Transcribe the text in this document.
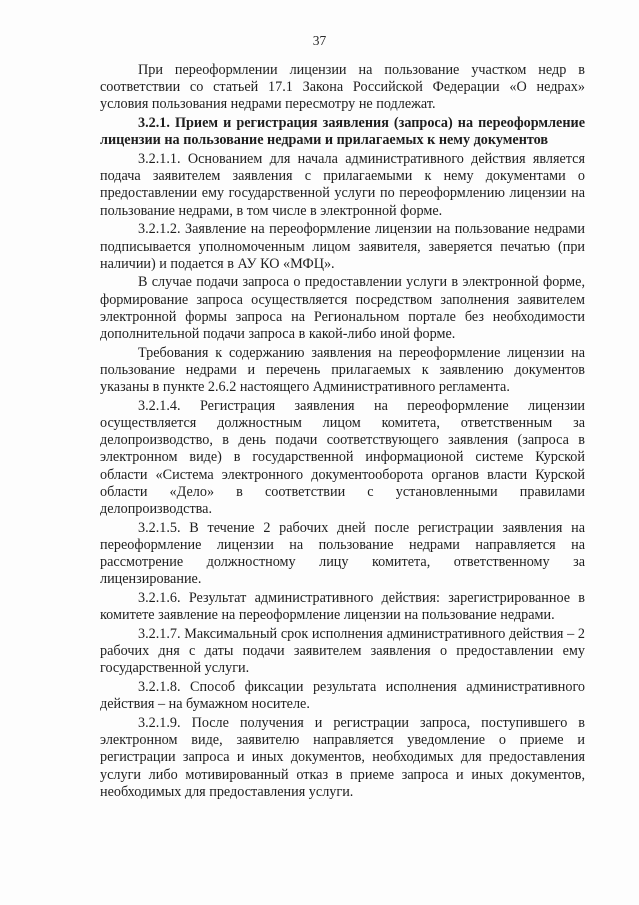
37

При переоформлении лицензии на пользование участком недр в соответствии со статьей 17.1 Закона Российской Федерации «О недрах» условия пользования недрами пересмотру не подлежат.

3.2.1. Прием и регистрация заявления (запроса) на переоформление лицензии на пользование недрами и прилагаемых к нему документов

3.2.1.1. Основанием для начала административного действия является подача заявителем заявления с прилагаемыми к нему документами о предоставлении ему государственной услуги по переоформлению лицензии на пользование недрами, в том числе в электронной форме.

3.2.1.2. Заявление на переоформление лицензии на пользование недрами подписывается уполномоченным лицом заявителя, заверяется печатью (при наличии) и подается в АУ КО «МФЦ».

В случае подачи запроса о предоставлении услуги в электронной форме, формирование запроса осуществляется посредством заполнения заявителем электронной формы запроса на Региональном портале без необходимости дополнительной подачи запроса в какой-либо иной форме.

Требования к содержанию заявления на переоформление лицензии на пользование недрами и перечень прилагаемых к заявлению документов указаны в пункте 2.6.2 настоящего Административного регламента.

3.2.1.4. Регистрация заявления на переоформление лицензии осуществляется должностным лицом комитета, ответственным за делопроизводство, в день подачи соответствующего заявления (запроса в электронном виде) в государственной информационой системе Курской области «Система электронного документооборота органов власти Курской области «Дело» в соответствии с установленными правилами делопроизводства.

3.2.1.5. В течение 2 рабочих дней после регистрации заявления на переоформление лицензии на пользование недрами направляется на рассмотрение должностному лицу комитета, ответственному за лицензирование.

3.2.1.6. Результат административного действия: зарегистрированное в комитете заявление на переоформление лицензии на пользование недрами.

3.2.1.7. Максимальный срок исполнения административного действия – 2 рабочих дня с даты подачи заявителем заявления о предоставлении ему государственной услуги.

3.2.1.8. Способ фиксации результата исполнения административного действия – на бумажном носителе.

3.2.1.9. После получения и регистрации запроса, поступившего в электронном виде, заявителю направляется уведомление о приеме и регистрации запроса и иных документов, необходимых для предоставления услуги либо мотивированный отказ в приеме запроса и иных документов, необходимых для предоставления услуги.
